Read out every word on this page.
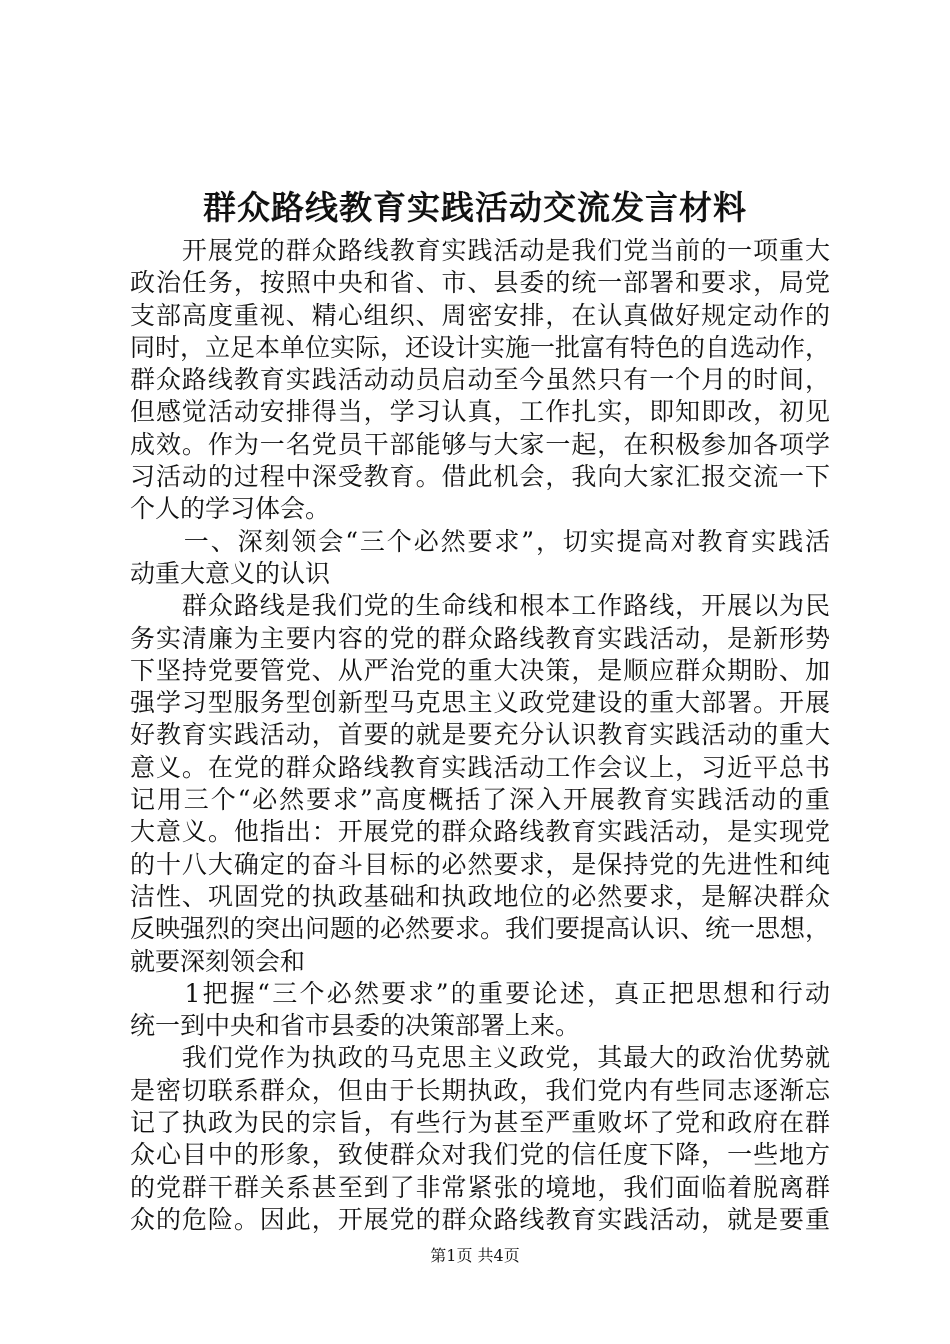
群众路线教育实践活动交流发言材料
　　开展党的群众路线教育实践活动是我们党当前的一项重大
政治任务，按照中央和省、市、县委的统一部署和要求，局党
支部高度重视、精心组织、周密安排，在认真做好规定动作的
同时，立足本单位实际，还设计实施一批富有特色的自选动作，
群众路线教育实践活动动员启动至今虽然只有一个月的时间，
但感觉活动安排得当，学习认真，工作扎实，即知即改，初见
成效。作为一名党员干部能够与大家一起，在积极参加各项学
习活动的过程中深受教育。借此机会，我向大家汇报交流一下
个人的学习体会。
　　一、深刻领会“三个必然要求”，切实提高对教育实践活
动重大意义的认识
　　群众路线是我们党的生命线和根本工作路线，开展以为民
务实清廉为主要内容的党的群众路线教育实践活动，是新形势
下坚持党要管党、从严治党的重大决策，是顺应群众期盼、加
强学习型服务型创新型马克思主义政党建设的重大部署。开展
好教育实践活动，首要的就是要充分认识教育实践活动的重大
意义。在党的群众路线教育实践活动工作会议上，习近平总书
记用三个“必然要求”高度概括了深入开展教育实践活动的重
大意义。他指出：开展党的群众路线教育实践活动，是实现党
的十八大确定的奋斗目标的必然要求，是保持党的先进性和纯
洁性、巩固党的执政基础和执政地位的必然要求，是解决群众
反映强烈的突出问题的必然要求。我们要提高认识、统一思想，
就要深刻领会和
　　1把握“三个必然要求”的重要论述，真正把思想和行动
统一到中央和省市县委的决策部署上来。
　　我们党作为执政的马克思主义政党，其最大的政治优势就
是密切联系群众，但由于长期执政，我们党内有些同志逐渐忘
记了执政为民的宗旨，有些行为甚至严重败坏了党和政府在群
众心目中的形象，致使群众对我们党的信任度下降，一些地方
的党群干群关系甚至到了非常紧张的境地，我们面临着脱离群
众的危险。因此，开展党的群众路线教育实践活动，就是要重
第1页 共4页
